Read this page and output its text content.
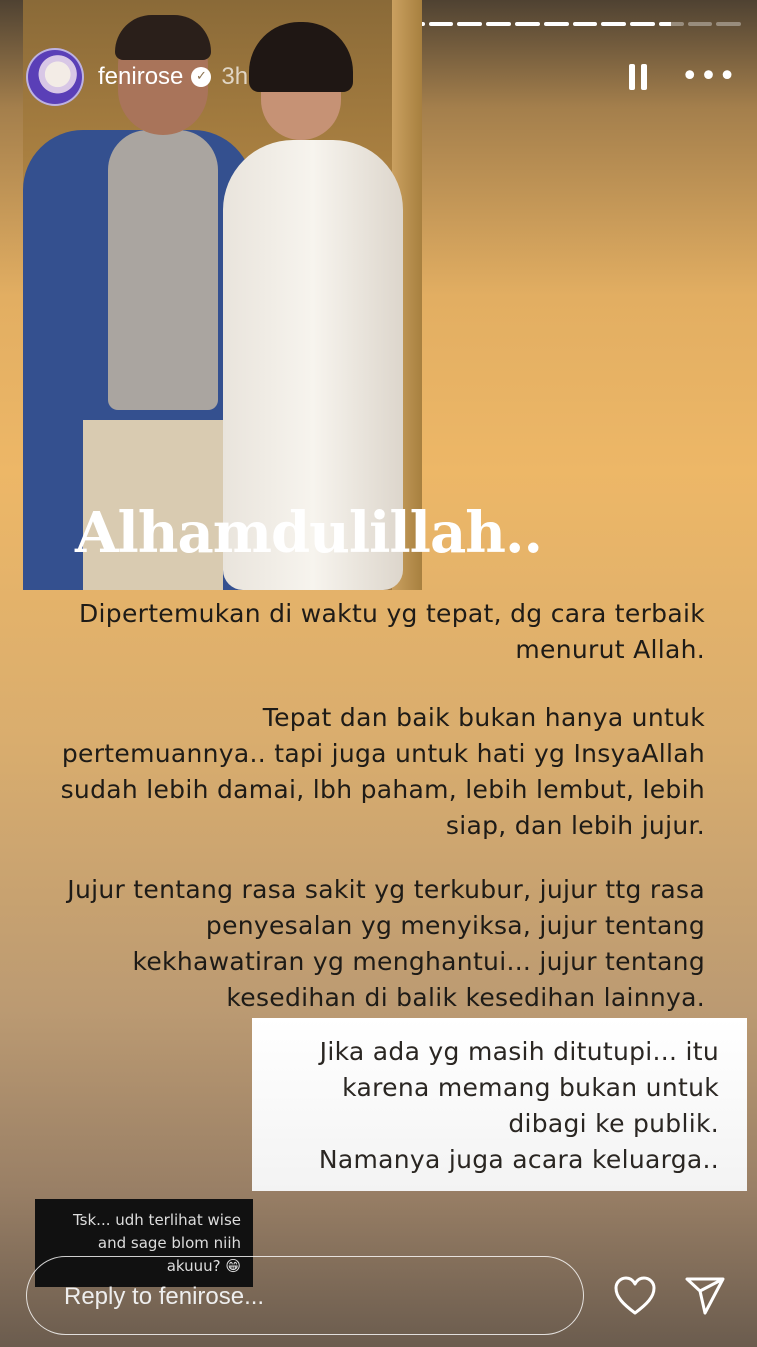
fenirose ✓ 3h	•••
Alhamdulillah..
Dipertemukan di waktu yg tepat, dg cara terbaik
menurut Allah.
Tepat dan baik bukan hanya untuk
pertemuannya.. tapi juga untuk hati yg InsyaAllah
sudah lebih damai, lbh paham, lebih lembut, lebih
siap, dan lebih jujur.
Jujur tentang rasa sakit yg terkubur, jujur ttg rasa
penyesalan yg menyiksa, jujur tentang
kekhawatiran yg menghantui... jujur tentang
kesedihan di balik kesedihan lainnya.
Jika ada yg masih ditutupi... itu
karena memang bukan untuk
dibagi ke publik.
Namanya juga acara keluarga..
Tsk... udh terlihat wise
and sage blom niih
akuuu? 😁
Reply to fenirose...
